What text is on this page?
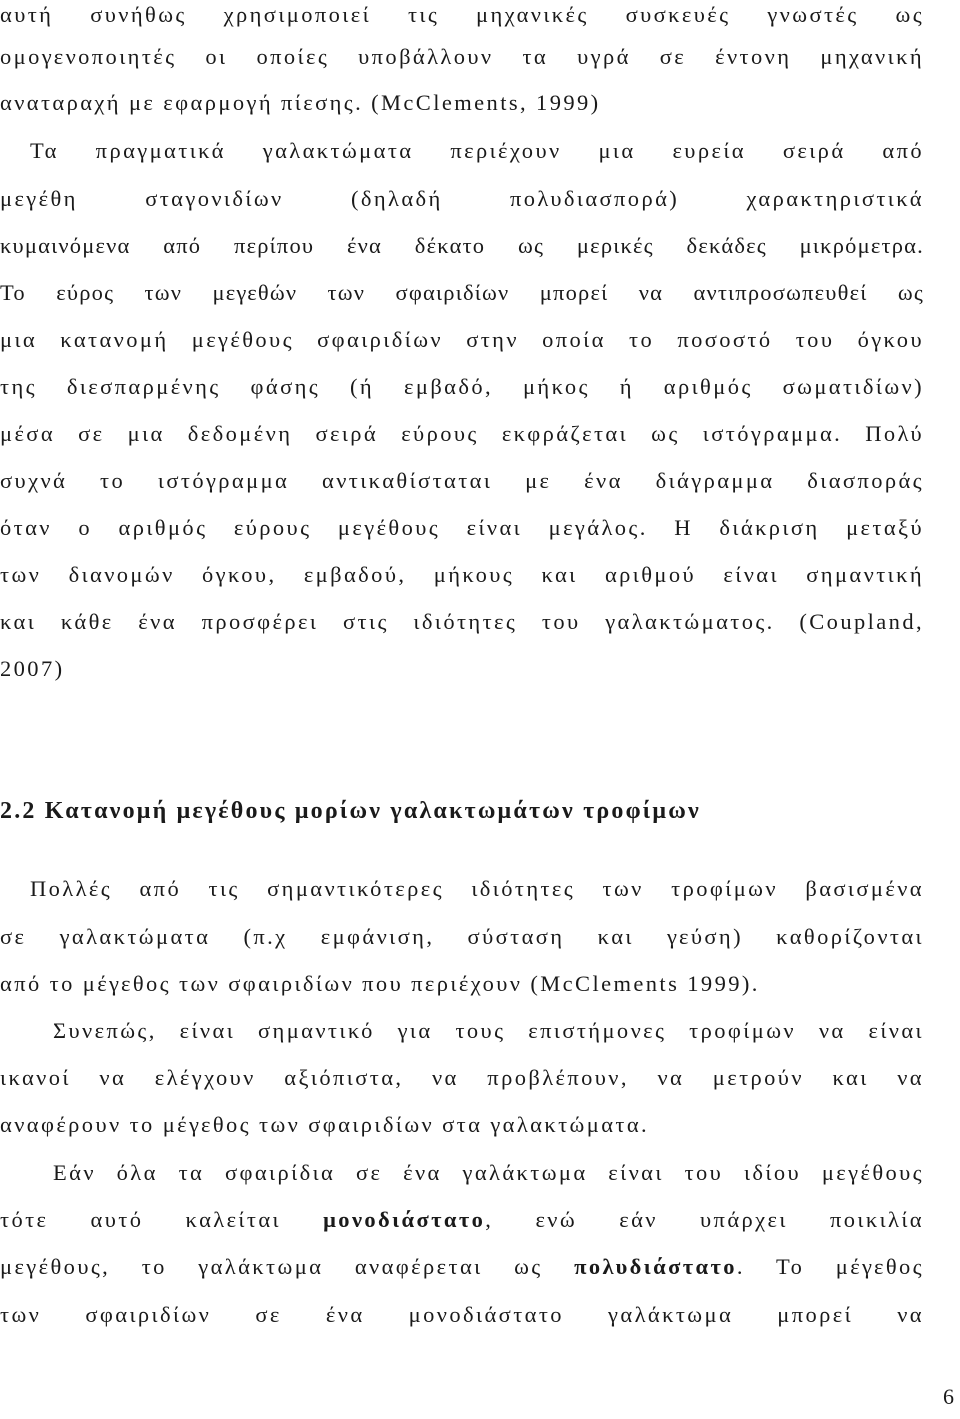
αυτή συνήθως χρησιμοποιεί τις μηχανικές συσκευές γνωστές ως
ομογενοποιητές οι οποίες υποβάλλουν τα υγρά σε έντονη μηχανική
αναταραχή με εφαρμογή πίεσης. (McClements, 1999)
Τα πραγματικά γαλακτώματα περιέχουν μια ευρεία σειρά από
μεγέθη σταγονιδίων (δηλαδή πολυδιασπορά) χαρακτηριστικά
κυμαινόμενα από περίπου ένα δέκατο ως μερικές δεκάδες μικρόμετρα.
Το εύρος των μεγεθών των σφαιριδίων μπορεί να αντιπροσωπευθεί ως
μια κατανομή μεγέθους σφαιριδίων στην οποία το ποσοστό του όγκου
της διεσπαρμένης φάσης (ή εμβαδό, μήκος ή αριθμός σωματιδίων)
μέσα σε μια δεδομένη σειρά εύρους εκφράζεται ως ιστόγραμμα. Πολύ
συχνά το ιστόγραμμα αντικαθίσταται με ένα διάγραμμα διασποράς
όταν ο αριθμός εύρους μεγέθους είναι μεγάλος. Η διάκριση μεταξύ
των διανομών όγκου, εμβαδού, μήκους και αριθμού είναι σημαντική
και κάθε ένα προσφέρει στις ιδιότητες του γαλακτώματος. (Coupland,
2007)
2.2 Κατανομή μεγέθους μορίων γαλακτωμάτων τροφίμων
Πολλές από τις σημαντικότερες ιδιότητες των τροφίμων βασισμένα
σε γαλακτώματα (π.χ εμφάνιση, σύσταση και γεύση) καθορίζονται
από το μέγεθος των σφαιριδίων που περιέχουν (McClements 1999).
Συνεπώς, είναι σημαντικό για τους επιστήμονες τροφίμων να είναι
ικανοί να ελέγχουν αξιόπιστα, να προβλέπουν, να μετρούν και να
αναφέρουν το μέγεθος των σφαιριδίων στα γαλακτώματα.
Εάν όλα τα σφαιρίδια σε ένα γαλάκτωμα είναι του ιδίου μεγέθους
τότε αυτό καλείται μονοδιάστατο, ενώ εάν υπάρχει ποικιλία
μεγέθους, το γαλάκτωμα αναφέρεται ως πολυδιάστατο. Το μέγεθος
των σφαιριδίων σε ένα μονοδιάστατο γαλάκτωμα μπορεί να
6
